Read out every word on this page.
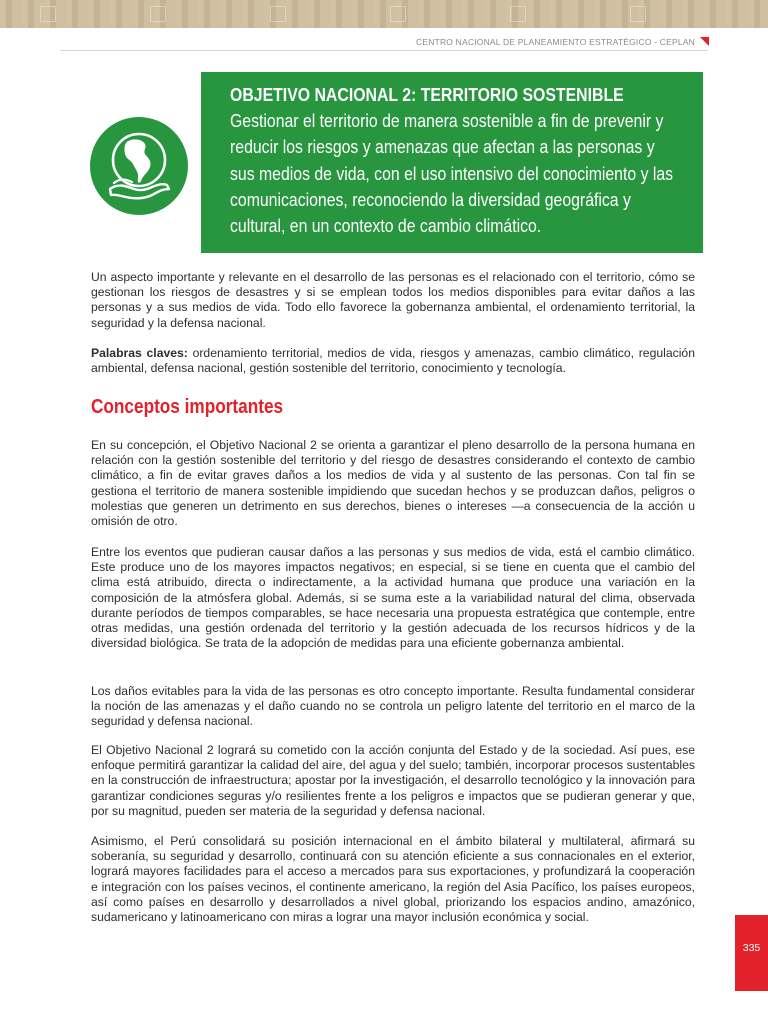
CENTRO NACIONAL DE PLANEAMIENTO ESTRATÉGICO - CEPLAN
OBJETIVO NACIONAL 2: TERRITORIO SOSTENIBLE
Gestionar el territorio de manera sostenible a fin de prevenir y reducir los riesgos y amenazas que afectan a las personas y sus medios de vida, con el uso intensivo del conocimiento y las comunicaciones, reconociendo la diversidad geográfica y cultural, en un contexto de cambio climático.

Un aspecto importante y relevante en el desarrollo de las personas es el relacionado con el territorio, cómo se gestionan los riesgos de desastres y si se emplean todos los medios disponibles para evitar daños a las personas y a sus medios de vida. Todo ello favorece la gobernanza ambiental, el ordenamiento territorial, la seguridad y la defensa nacional.

Palabras claves: ordenamiento territorial, medios de vida, riesgos y amenazas, cambio climático, regulación ambiental, defensa nacional, gestión sostenible del territorio, conocimiento y tecnología.

Conceptos importantes

En su concepción, el Objetivo Nacional 2 se orienta a garantizar el pleno desarrollo de la persona humana en relación con la gestión sostenible del territorio y del riesgo de desastres considerando el contexto de cambio climático, a fin de evitar graves daños a los medios de vida y al sustento de las personas. Con tal fin se gestiona el territorio de manera sostenible impidiendo que sucedan hechos y se produzcan daños, peligros o molestias que generen un detrimento en sus derechos, bienes o intereses —a consecuencia de la acción u omisión de otro.

Entre los eventos que pudieran causar daños a las personas y sus medios de vida, está el cambio climático. Este produce uno de los mayores impactos negativos; en especial, si se tiene en cuenta que el cambio del clima está atribuido, directa o indirectamente, a la actividad humana que produce una variación en la composición de la atmósfera global. Además, si se suma este a la variabilidad natural del clima, observada durante períodos de tiempos comparables, se hace necesaria una propuesta estratégica que contemple, entre otras medidas, una gestión ordenada del territorio y la gestión adecuada de los recursos hídricos y de la diversidad biológica. Se trata de la adopción de medidas para una eficiente gobernanza ambiental.

Los daños evitables para la vida de las personas es otro concepto importante. Resulta fundamental considerar la noción de las amenazas y el daño cuando no se controla un peligro latente del territorio en el marco de la seguridad y defensa nacional.

El Objetivo Nacional 2 logrará su cometido con la acción conjunta del Estado y de la sociedad. Así pues, ese enfoque permitirá garantizar la calidad del aire, del agua y del suelo; también, incorporar procesos sustentables en la construcción de infraestructura; apostar por la investigación, el desarrollo tecnológico y la innovación para garantizar condiciones seguras y/o resilientes frente a los peligros e impactos que se pudieran generar y que, por su magnitud, pueden ser materia de la seguridad y defensa nacional.

Asimismo, el Perú consolidará su posición internacional en el ámbito bilateral y multilateral, afirmará su soberanía, su seguridad y desarrollo, continuará con su atención eficiente a sus connacionales en el exterior, logrará mayores facilidades para el acceso a mercados para sus exportaciones, y profundizará la cooperación e integración con los países vecinos, el continente americano, la región del Asia Pacífico, los países europeos, así como países en desarrollo y desarrollados a nivel global, priorizando los espacios andino, amazónico, sudamericano y latinoamericano con miras a lograr una mayor inclusión económica y social.

335
